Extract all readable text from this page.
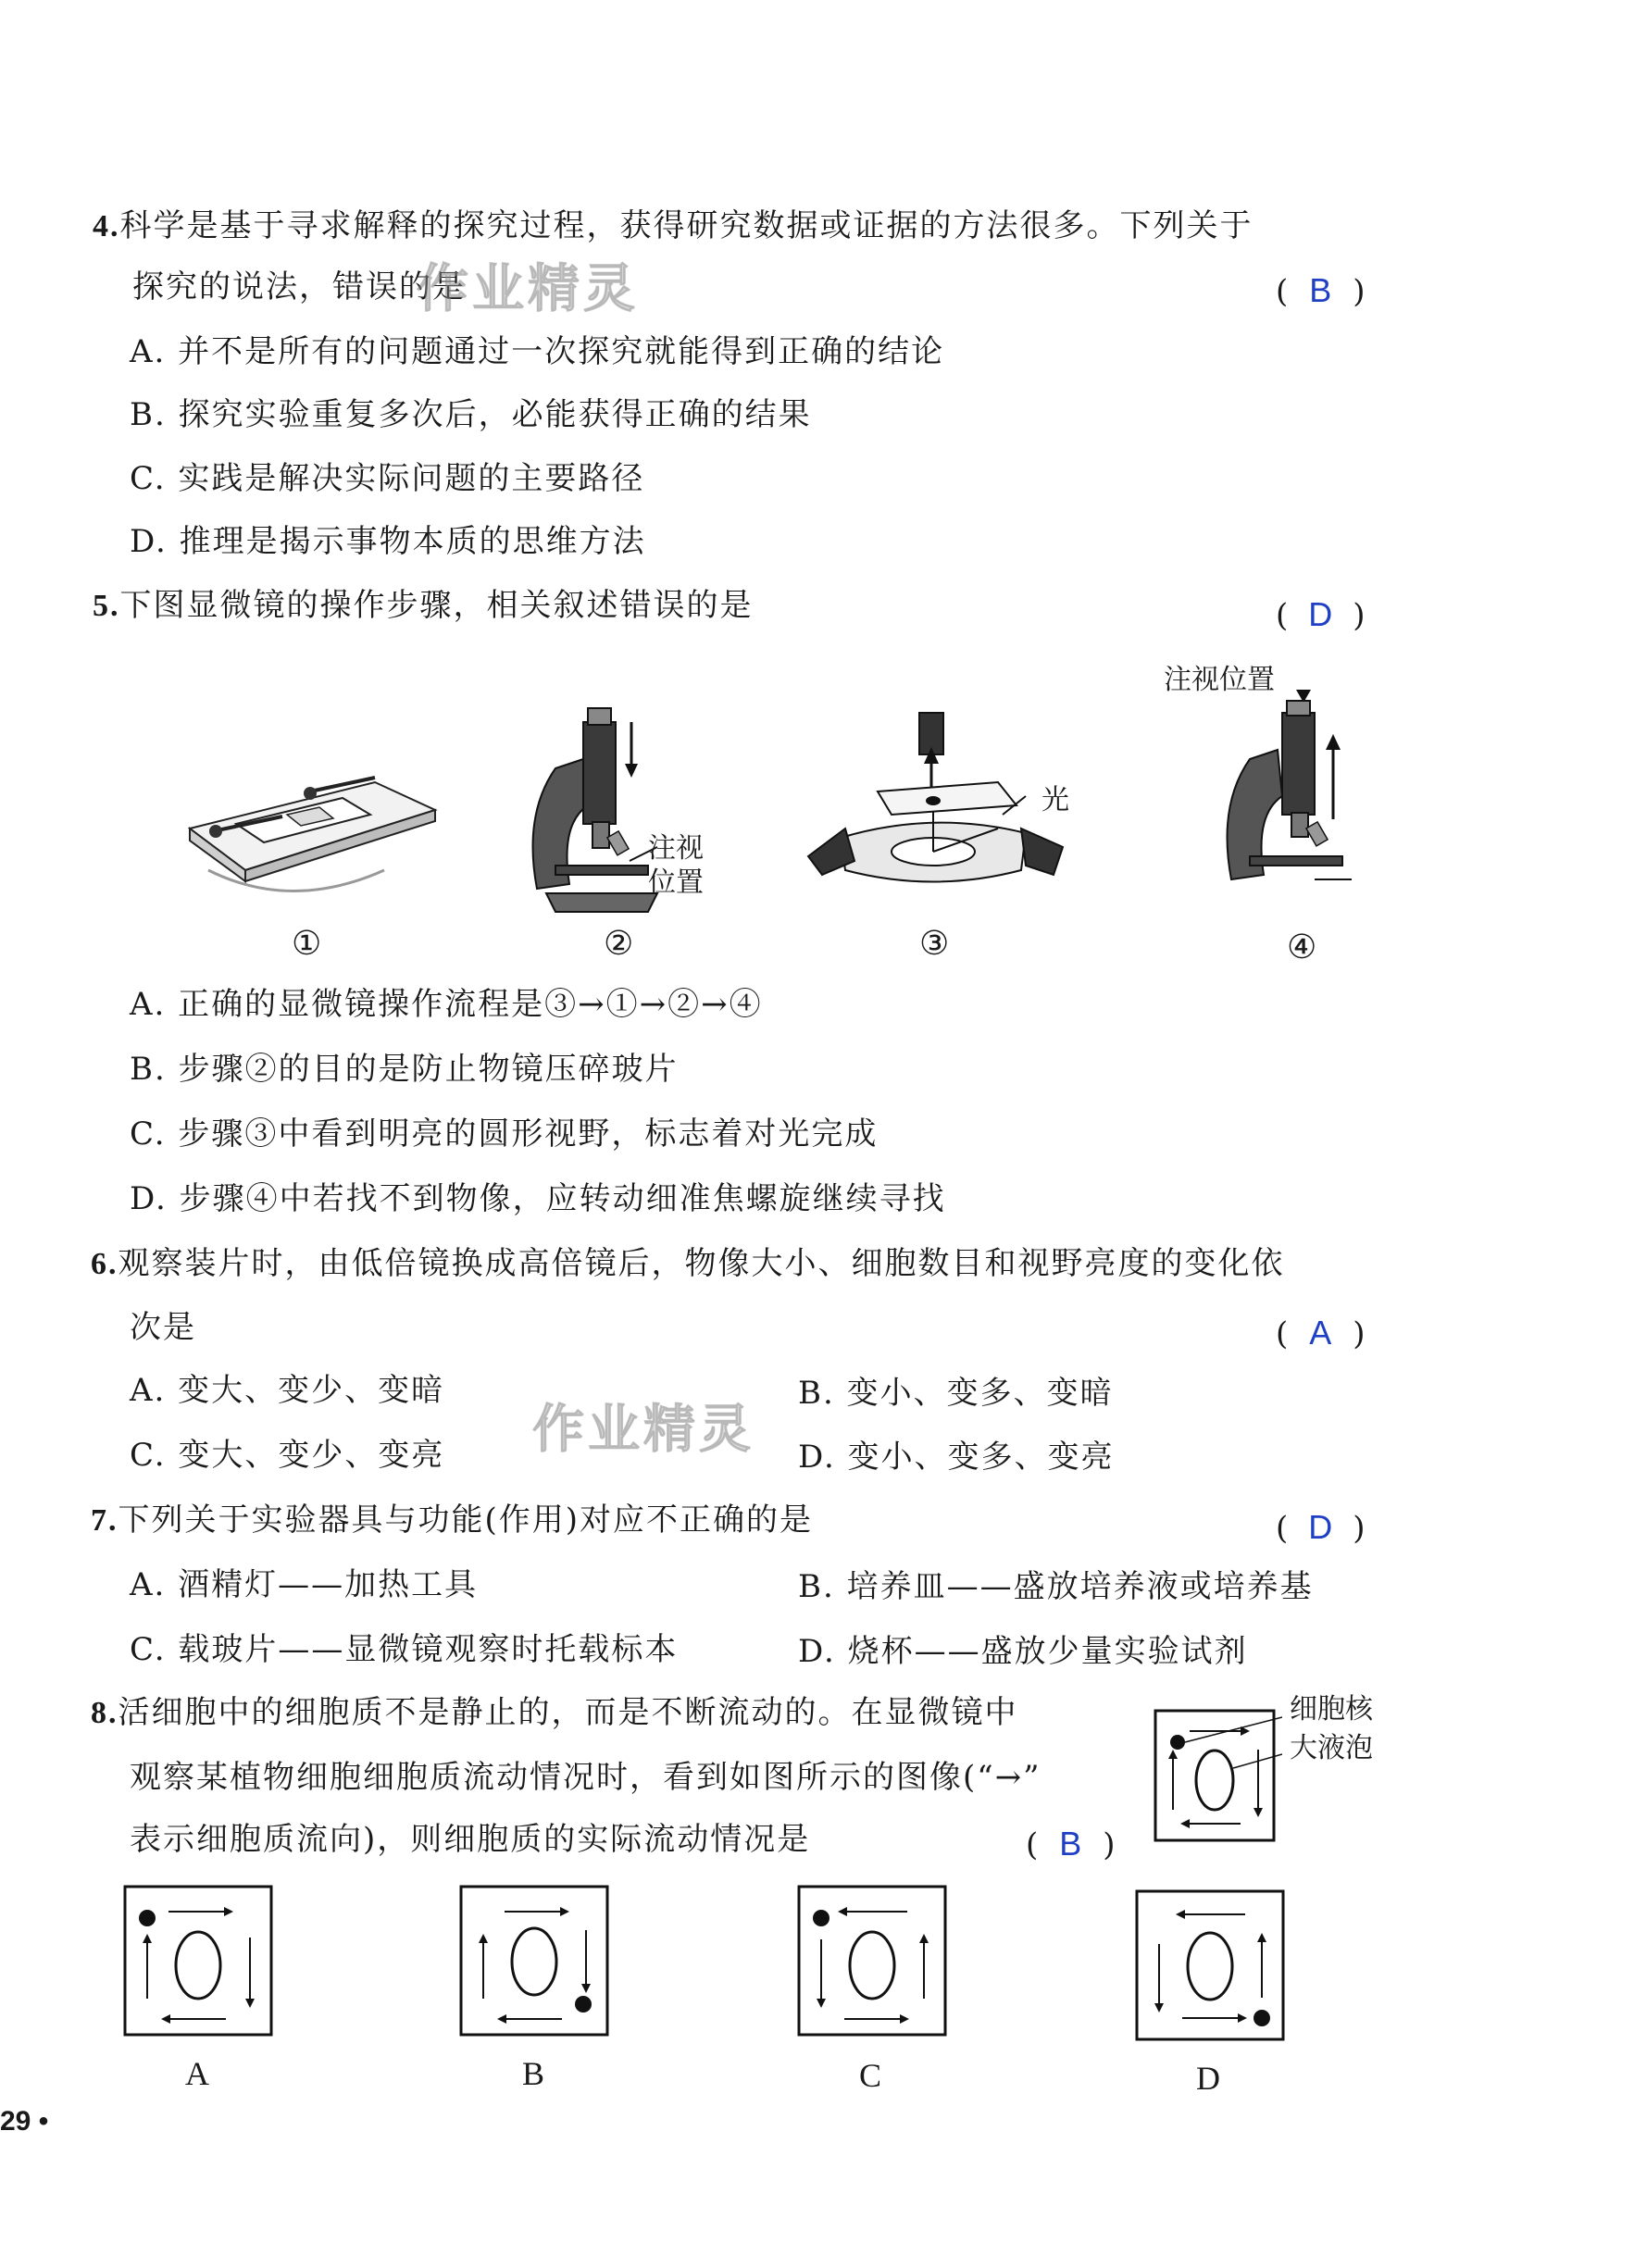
4.科学是基于寻求解释的探究过程，获得研究数据或证据的方法很多。下列关于
探究的说法，错误的是	( B )
作业精灵
A. 并不是所有的问题通过一次探究就能得到正确的结论
B. 探究实验重复多次后，必能获得正确的结果
C. 实践是解决实际问题的主要路径
D. 推理是揭示事物本质的思维方法
5.下图显微镜的操作步骤，相关叙述错误的是	( D )
注视
位置
光
注视位置
①	②	③	④
A. 正确的显微镜操作流程是③→①→②→④
B. 步骤②的目的是防止物镜压碎玻片
C. 步骤③中看到明亮的圆形视野，标志着对光完成
D. 步骤④中若找不到物像，应转动细准焦螺旋继续寻找
6.观察装片时，由低倍镜换成高倍镜后，物像大小、细胞数目和视野亮度的变化依
次是	( A )
A. 变大、变少、变暗	B. 变小、变多、变暗
作业精灵
C. 变大、变少、变亮	D. 变小、变多、变亮
7.下列关于实验器具与功能(作用)对应不正确的是	( D )
A. 酒精灯——加热工具	B. 培养皿——盛放培养液或培养基
C. 载玻片——显微镜观察时托载标本	D. 烧杯——盛放少量实验试剂
8.活细胞中的细胞质不是静止的，而是不断流动的。在显微镜中
观察某植物细胞细胞质流动情况时，看到如图所示的图像(“→”
表示细胞质流向)，则细胞质的实际流动情况是	( B )
细胞核
大液泡
A	B	C	D
29 •
